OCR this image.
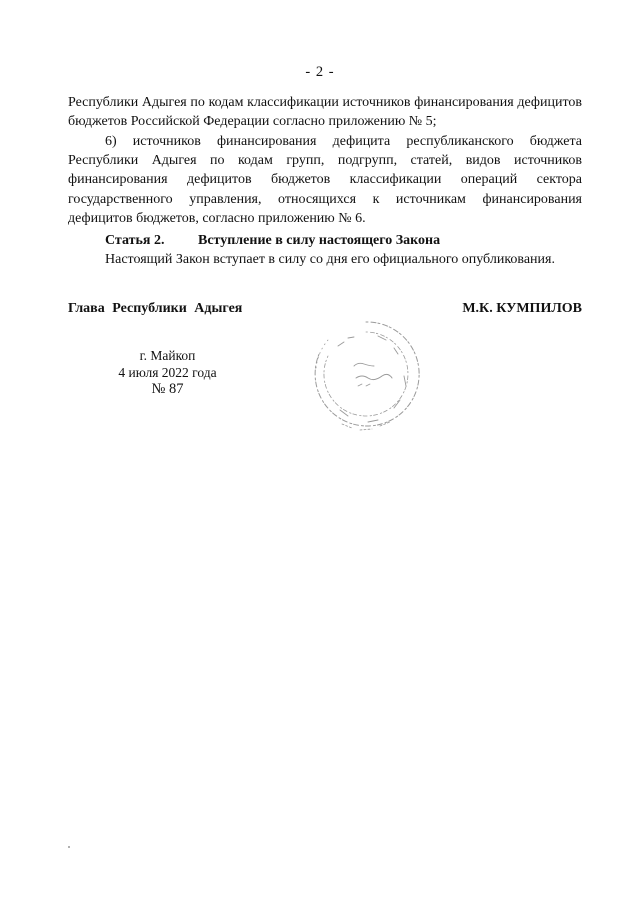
- 2 -

Республики Адыгея по кодам классификации источников финансирования дефицитов бюджетов Российской Федерации согласно приложению № 5;

6) источников финансирования дефицита республиканского бюджета Республики Адыгея по кодам групп, подгрупп, статей, видов источников финансирования дефицитов бюджетов классификации операций сектора государственного управления, относящихся к источникам финансирования дефицитов бюджетов, согласно приложению № 6.

Статья 2. Вступление в силу настоящего Закона

Настоящий Закон вступает в силу со дня его официального опубликования.

Глава Республики Адыгея	М.К. КУМПИЛОВ
г. Майкоп
4 июля 2022 года
№ 87
